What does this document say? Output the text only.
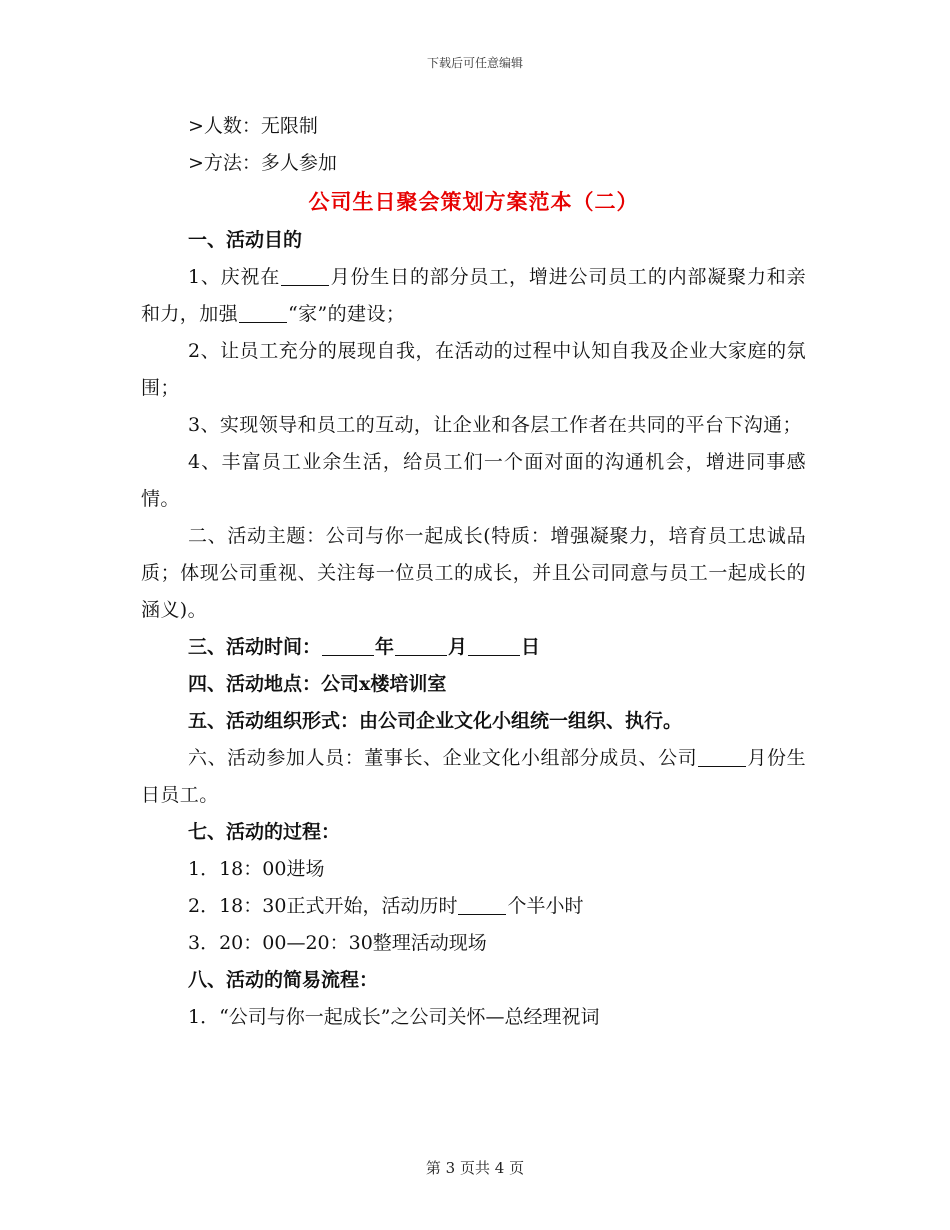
下载后可任意编辑

>人数：无限制

>方法：多人参加

公司生日聚会策划方案范本（二）

一、活动目的

1、庆祝在	月份生日的部分员工，增进公司员工的内部凝聚力和亲和力，加强	“家”的建设；

2、让员工充分的展现自我，在活动的过程中认知自我及企业大家庭的氛围；

3、实现领导和员工的互动，让企业和各层工作者在共同的平台下沟通；

4、丰富员工业余生活，给员工们一个面对面的沟通机会，增进同事感情。

二、活动主题：公司与你一起成长(特质：增强凝聚力，培育员工忠诚品质；体现公司重视、关注每一位员工的成长，并且公司同意与员工一起成长的涵义)。

三、活动时间：	年	月	日

四、活动地点：公司x楼培训室

五、活动组织形式：由公司企业文化小组统一组织、执行。

六、活动参加人员：董事长、企业文化小组部分成员、公司	月份生日员工。

七、活动的过程：

1．18：00进场

2．18：30正式开始，活动历时	个半小时

3．20：00—20：30整理活动现场

八、活动的简易流程：

1．“公司与你一起成长”之公司关怀—总经理祝词

第 3 页共 4 页
